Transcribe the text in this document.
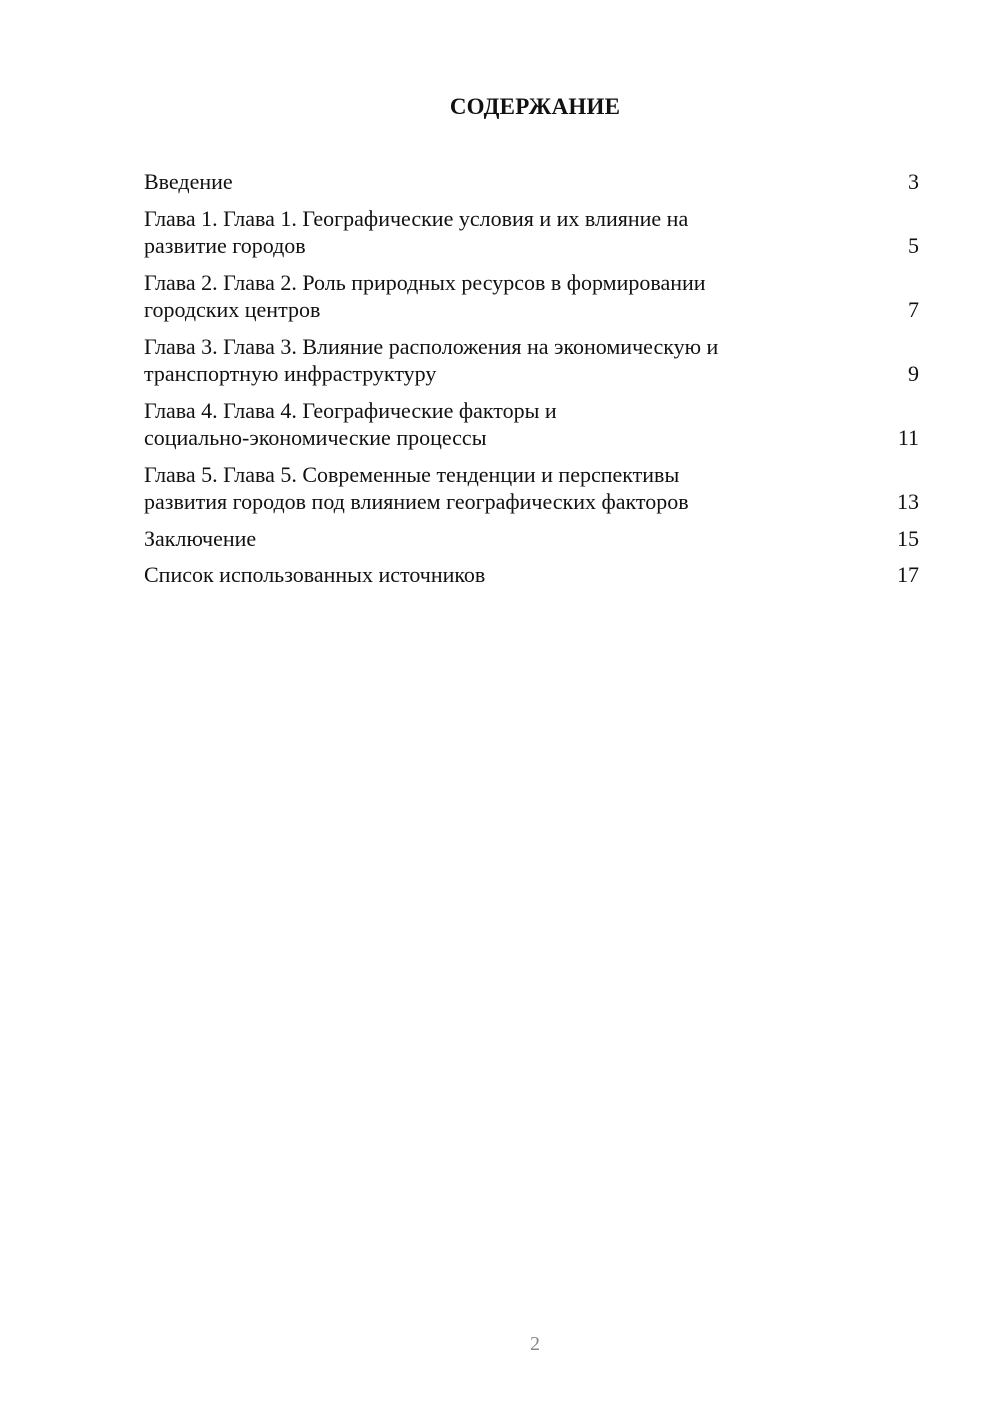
СОДЕРЖАНИЕ
Введение	3
Глава 1. Глава 1. Географические условия и их влияние на
развитие городов	5
Глава 2. Глава 2. Роль природных ресурсов в формировании
городских центров	7
Глава 3. Глава 3. Влияние расположения на экономическую и
транспортную инфраструктуру	9
Глава 4. Глава 4. Географические факторы и
социально-экономические процессы	11
Глава 5. Глава 5. Современные тенденции и перспективы
развития городов под влиянием географических факторов	13
Заключение	15
Список использованных источников	17
2
